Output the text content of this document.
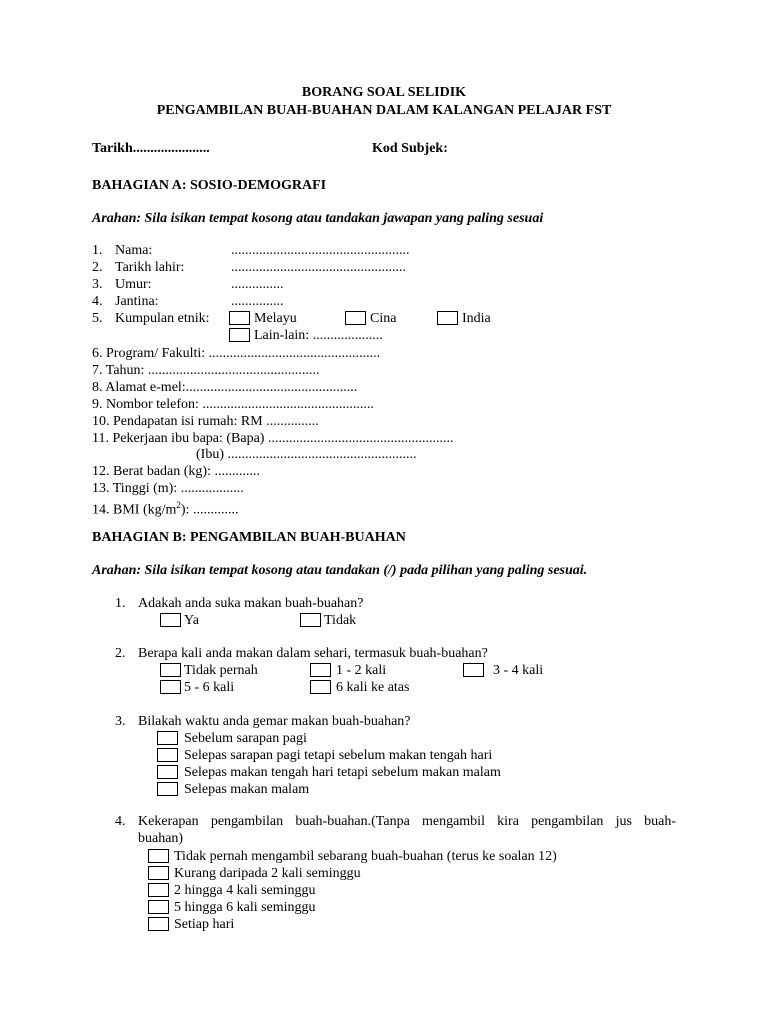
BORANG SOAL SELIDIK
PENGAMBILAN BUAH-BUAHAN DALAM KALANGAN PELAJAR FST
Tarikh......................	Kod Subjek:
BAHAGIAN A: SOSIO-DEMOGRAFI
Arahan: Sila isikan tempat kosong atau tandakan jawapan yang paling sesuai
1. Nama:	...................................................
2. Tarikh lahir:	..................................................
3. Umur:	...............
4. Jantina:	...............
5. Kumpulan etnik:	Melayu	Cina	India
Lain-lain: ....................
6. Program/ Fakulti: .................................................
7. Tahun: .................................................
8. Alamat e-mel:.................................................
9. Nombor telefon: .................................................
10. Pendapatan isi rumah: RM ...............
11. Pekerjaan ibu bapa: (Bapa) .....................................................
(Ibu) ......................................................
12. Berat badan (kg): .............
13. Tinggi (m): ..................
14. BMI $(kg/m^2)$: .............
BAHAGIAN B: PENGAMBILAN BUAH-BUAHAN
Arahan: Sila isikan tempat kosong atau tandakan (/) pada pilihan yang paling sesuai.
1. Adakah anda suka makan buah-buahan?
Ya	Tidak
2. Berapa kali anda makan dalam sehari, termasuk buah-buahan?
Tidak pernah	1 - 2 kali	3 - 4 kali
5 - 6 kali	6 kali ke atas
3. Bilakah waktu anda gemar makan buah-buahan?
Sebelum sarapan pagi
Selepas sarapan pagi tetapi sebelum makan tengah hari
Selepas makan tengah hari tetapi sebelum makan malam
Selepas makan malam
4. Kekerapan pengambilan buah-buahan.(Tanpa mengambil kira pengambilan jus buah-
buahan)
Tidak pernah mengambil sebarang buah-buahan (terus ke soalan 12)
Kurang daripada 2 kali seminggu
2 hingga 4 kali seminggu
5 hingga 6 kali seminggu
Setiap hari
